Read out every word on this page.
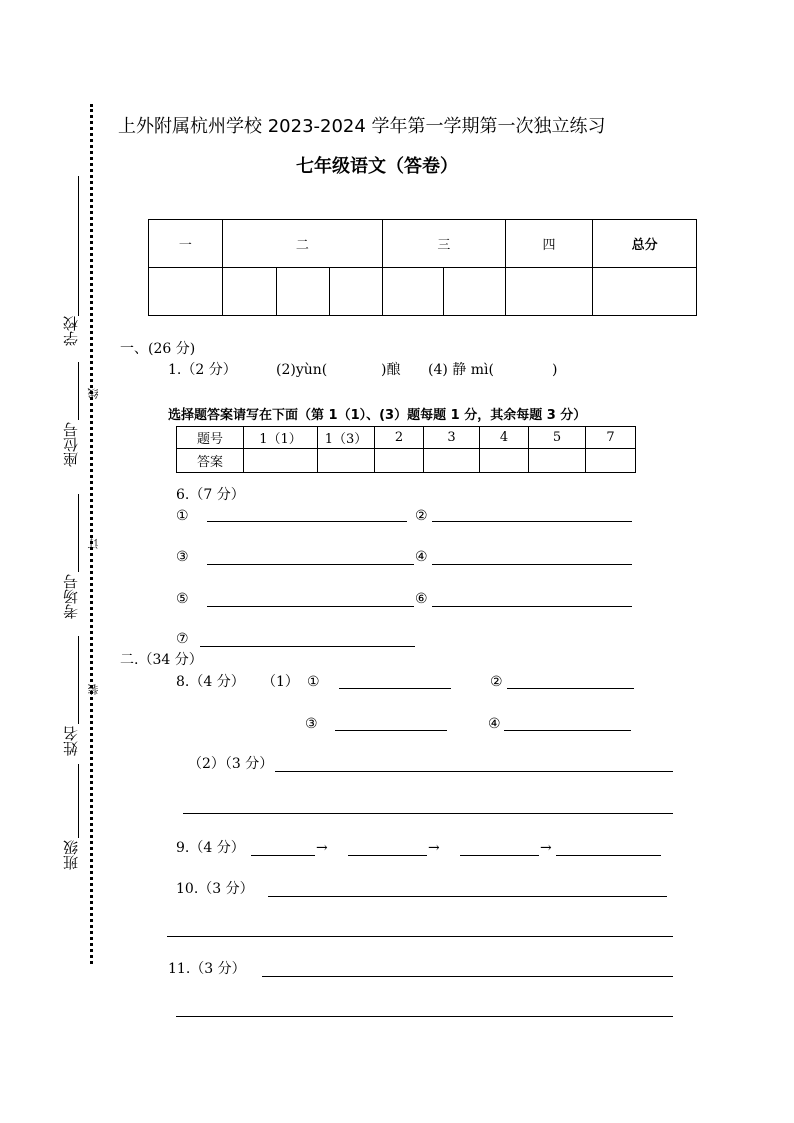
学校
座位号
考场号
姓名
班级
线
订
装
上外附属杭州学校 2023-2024 学年第一学期第一次独立练习
七年级语文（答卷）
一	二			三		四	总分

一、(26 分)
1.（2 分）	(2)yùn(	)酿 (4) 静 mì(	)
选择题答案请写在下面（第 1（1）、(3）题每题 1 分，其余每题 3 分）
题号	1（1）	1（3）	2	3	4	5	7
答案							
6.（7 分）
①	②
③	④
⑤	⑥
⑦
二.（34 分）
8.（4 分） （1） ①	②
③	④
（2）（3 分）
9.（4 分）	→	→	→
10.（3 分）
11.（3 分）
